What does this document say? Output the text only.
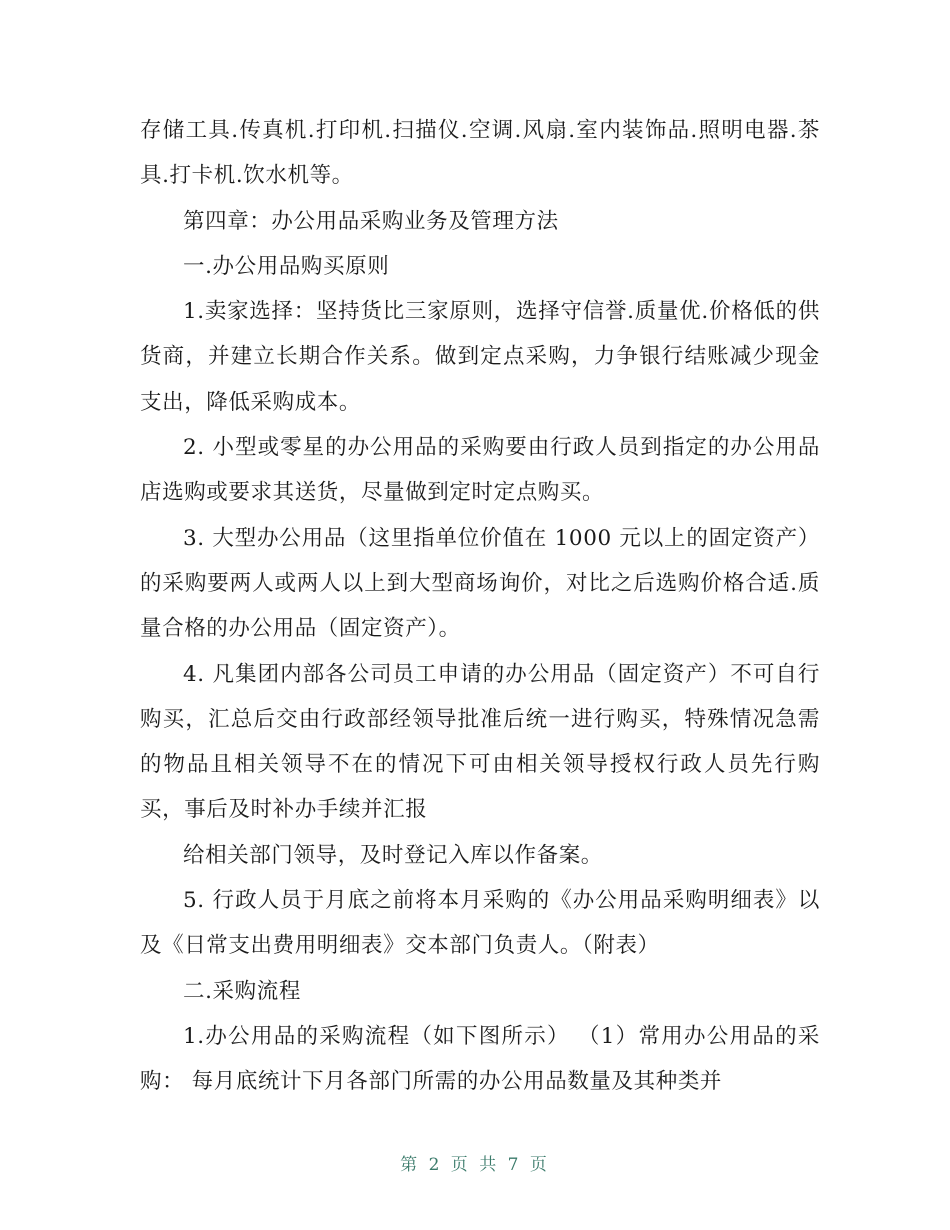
存储工具.传真机.打印机.扫描仪.空调.风扇.室内装饰品.照明电器.茶具.打卡机.饮水机等。

第四章：办公用品采购业务及管理方法

一.办公用品购买原则

1.卖家选择：坚持货比三家原则，选择守信誉.质量优.价格低的供货商，并建立长期合作关系。做到定点采购，力争银行结账减少现金支出，降低采购成本。

2. 小型或零星的办公用品的采购要由行政人员到指定的办公用品店选购或要求其送货，尽量做到定时定点购买。

3. 大型办公用品（这里指单位价值在 1000 元以上的固定资产）的采购要两人或两人以上到大型商场询价，对比之后选购价格合适.质量合格的办公用品（固定资产）。

4. 凡集团内部各公司员工申请的办公用品（固定资产）不可自行购买，汇总后交由行政部经领导批准后统一进行购买，特殊情况急需的物品且相关领导不在的情况下可由相关领导授权行政人员先行购买，事后及时补办手续并汇报

给相关部门领导，及时登记入库以作备案。

5. 行政人员于月底之前将本月采购的《办公用品采购明细表》以及《日常支出费用明细表》交本部门负责人。（附表）

二.采购流程

1.办公用品的采购流程（如下图所示） （1）常用办公用品的采购： 每月底统计下月各部门所需的办公用品数量及其种类并

第 2 页 共 7 页
